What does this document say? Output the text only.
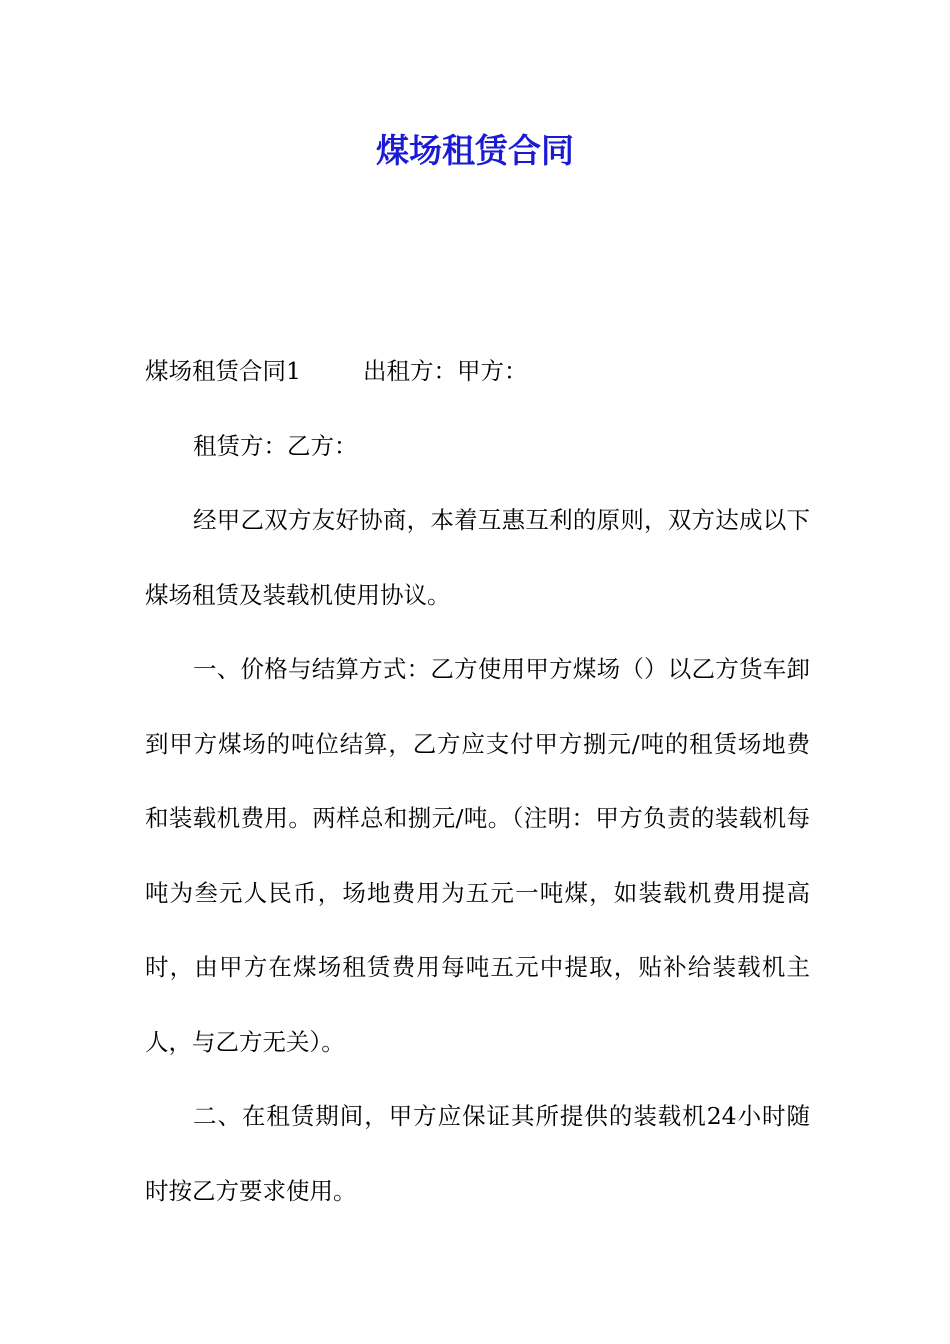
煤场租赁合同

煤场租赁合同1	出租方：甲方：

租赁方：乙方：

经甲乙双方友好协商，本着互惠互利的原则，双方达成以下煤场租赁及装载机使用协议。

一、价格与结算方式：乙方使用甲方煤场（）以乙方货车卸到甲方煤场的吨位结算，乙方应支付甲方捌元/吨的租赁场地费和装载机费用。两样总和捌元/吨。（注明：甲方负责的装载机每吨为叁元人民币，场地费用为五元一吨煤，如装载机费用提高时，由甲方在煤场租赁费用每吨五元中提取，贴补给装载机主人，与乙方无关）。

二、在租赁期间，甲方应保证其所提供的装载机24小时随时按乙方要求使用。
